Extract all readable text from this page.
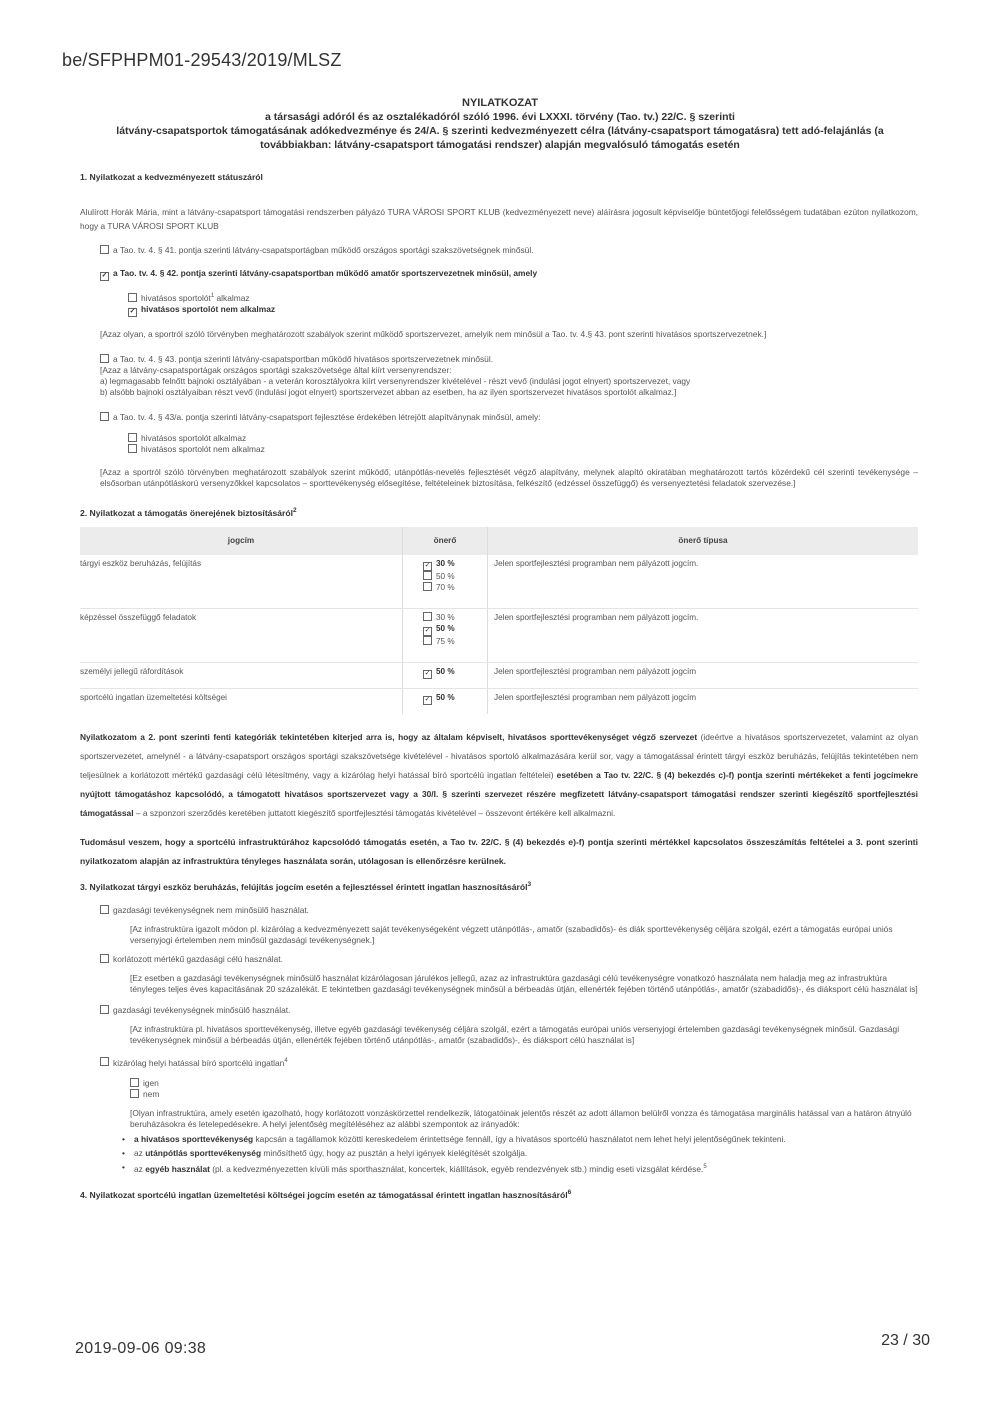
be/SFPHPM01-29543/2019/MLSZ
NYILATKOZAT
a társasági adóról és az osztalékadóról szóló 1996. évi LXXXI. törvény (Tao. tv.) 22/C. § szerinti
látvány-csapatsportok támogatásának adókedvezménye és 24/A. § szerinti kedvezményezett célra (látvány-csapatsport támogatásra) tett adó-felajánlás (a
továbbiakban: látvány-csapatsport támogatási rendszer) alapján megvalósuló támogatás esetén
1. Nyilatkozat a kedvezményezett státuszáról

Alulírott Horák Mária, mint a látvány-csapatsport támogatási rendszerben pályázó TURA VÁROSI SPORT KLUB (kedvezményezett neve) aláírásra jogosult képviselője büntetőjogi felelősségem tudatában ezúton nyilatkozom, hogy a TURA VÁROSI SPORT KLUB

a Tao. tv. 4. § 41. pontja szerinti látvány-csapatsportágban működő országos sportági szakszövetségnek minősül.
✓ a Tao. tv. 4. § 42. pontja szerinti látvány-csapatsportban működő amatőr sportszervezetnek minősül, amely
hivatásos sportolót$^1$ alkalmaz
✓ hivatásos sportolót nem alkalmaz

[Azaz olyan, a sportról szóló törvényben meghatározott szabályok szerint működő sportszervezet, amelyik nem minősül a Tao. tv. 4.§ 43. pont szerinti hivatásos sportszervezetnek.]

a Tao. tv. 4. § 43. pontja szerinti látvány-csapatsportban működő hivatásos sportszervezetnek minősül.

[Azaz a látvány-csapatsportágak országos sportági szakszövetsége által kiírt versenyrendszer:

a) legmagasabb felnőtt bajnoki osztályában - a veterán korosztályokra kiírt versenyrendszer kivételével - részt vevő (indulási jogot elnyert) sportszervezet, vagy

b) alsóbb bajnoki osztályaiban részt vevő (indulási jogot elnyert) sportszervezet abban az esetben, ha az ilyen sportszervezet hivatásos sportolót alkalmaz.]

a Tao. tv. 4. § 43/a. pontja szerinti látvány-csapatsport fejlesztése érdekében létrejött alapítványnak minősül, amely:
hivatásos sportolót alkalmaz
hivatásos sportolót nem alkalmaz

[Azaz a sportról szóló törvényben meghatározott szabályok szerint működő, utánpótlás-nevelés fejlesztését végző alapítvány, melynek alapító okiratában meghatározott tartós közérdekű cél szerinti tevékenysége – elsősorban utánpótláskorú versenyzőkkel kapcsolatos – sporttevékenység elősegítése, feltételeinek biztosítása, felkészítő (edzéssel összefüggő) és versenyeztetési feladatok szervezése.]

2. Nyilatkozat a támogatás önerejének biztosításáról$^2$
jogcím	önerő	önerő típusa
tárgyi eszköz beruházás, felújítás	✓ 30 %
50 %
70 %	Jelen sportfejlesztési programban nem pályázott jogcím.
képzéssel összefüggő feladatok	30 %
✓ 50 %
75 %	Jelen sportfejlesztési programban nem pályázott jogcím.
személyi jellegű ráfordítások	✓ 50 %	Jelen sportfejlesztési programban nem pályázott jogcím
sportcélú ingatlan üzemeltetési költségei	✓ 50 %	Jelen sportfejlesztési programban nem pályázott jogcím

Nyilatkozatom a 2. pont szerinti fenti kategóriák tekintetében kiterjed arra is, hogy az általam képviselt, hivatásos sporttevékenységet végző szervezet (ideértve a hivatásos sportszervezetet, valamint az olyan sportszervezetet, amelynél - a látvány-csapatsport országos sportági szakszövetsége kivételével - hivatásos sportoló alkalmazására kerül sor, vagy a támogatással érintett tárgyi eszköz beruházás, felújítás tekintetében nem teljesülnek a korlátozott mértékű gazdasági célú létesítmény, vagy a kizárólag helyi hatással bíró sportcélú ingatlan feltételei) esetében a Tao tv. 22/C. § (4) bekezdés c)-f) pontja szerinti mértékeket a fenti jogcímekre nyújtott támogatáshoz kapcsolódó, a támogatott hivatásos sportszervezet vagy a 30/I. § szerinti szervezet részére megfizetett látvány-csapatsport támogatási rendszer szerinti kiegészítő sportfejlesztési támogatással – a szponzori szerződés keretében juttatott kiegészítő sportfejlesztési támogatás kivételével – összevont értékére kell alkalmazni.

Tudomásul veszem, hogy a sportcélú infrastruktúrához kapcsolódó támogatás esetén, a Tao tv. 22/C. § (4) bekezdés e)-f) pontja szerinti mértékkel kapcsolatos összeszámítás feltételei a 3. pont szerinti nyilatkozatom alapján az infrastruktúra tényleges használata során, utólagosan is ellenőrzésre kerülnek.

3. Nyilatkozat tárgyi eszköz beruházás, felújítás jogcím esetén a fejlesztéssel érintett ingatlan hasznosításáról$^3$
gazdasági tevékenységnek nem minősülő használat.

[Az infrastruktúra igazolt módon pl. kizárólag a kedvezményezett saját tevékenységeként végzett utánpótlás-, amatőr (szabadidős)- és diák sporttevékenység céljára szolgál, ezért a támogatás európai uniós versenyjogi értelemben nem minősül gazdasági tevékenységnek.]

korlátozott mértékű gazdasági célú használat.

[Ez esetben a gazdasági tevékenységnek minősülő használat kizárólagosan járulékos jellegű, azaz az infrastruktúra gazdasági célú tevékenységre vonatkozó használata nem haladja meg az infrastruktúra tényleges teljes éves kapacitásának 20 százalékát. E tekintetben gazdasági tevékenységnek minősül a bérbeadás útján, ellenérték fejében történő utánpótlás-, amatőr (szabadidős)-, és diáksport célú használat is]

gazdasági tevékenységnek minősülő használat.

[Az infrastruktúra pl. hivatásos sporttevékenység, illetve egyéb gazdasági tevékenység céljára szolgál, ezért a támogatás európai uniós versenyjogi értelemben gazdasági tevékenységnek minősül. Gazdasági tevékenységnek minősül a bérbeadás útján, ellenérték fejében történő utánpótlás-, amatőr (szabadidős)-, és diáksport célú használat is]

kizárólag helyi hatással bíró sportcélú ingatlan$^4$
igen
nem

[Olyan infrastruktúra, amely esetén igazolható, hogy korlátozott vonzáskörzettel rendelkezik, látogatóinak jelentős részét az adott államon belülről vonzza és támogatása marginális hatással van a határon átnyúló beruházásokra és letelepedésekre. A helyi jelentőség megítéléséhez az alábbi szempontok az irányadók:

• a hivatásos sporttevékenység kapcsán a tagállamok közötti kereskedelem érintettsége fennáll, így a hivatásos sportcélú használatot nem lehet helyi jelentőségűnek tekinteni.
• az utánpótlás sporttevékenység minősíthető úgy, hogy az pusztán a helyi igények kielégítését szolgálja.
• az egyéb használat (pl. a kedvezményezetten kívüli más sporthasználat, koncertek, kiállítások, egyéb rendezvények stb.) mindig eseti vizsgálat kérdése.$^5$
4. Nyilatkozat sportcélú ingatlan üzemeltetési költségei jogcím esetén az támogatással érintett ingatlan hasznosításáról$^6$
2019-09-06 09:38	23 / 30
